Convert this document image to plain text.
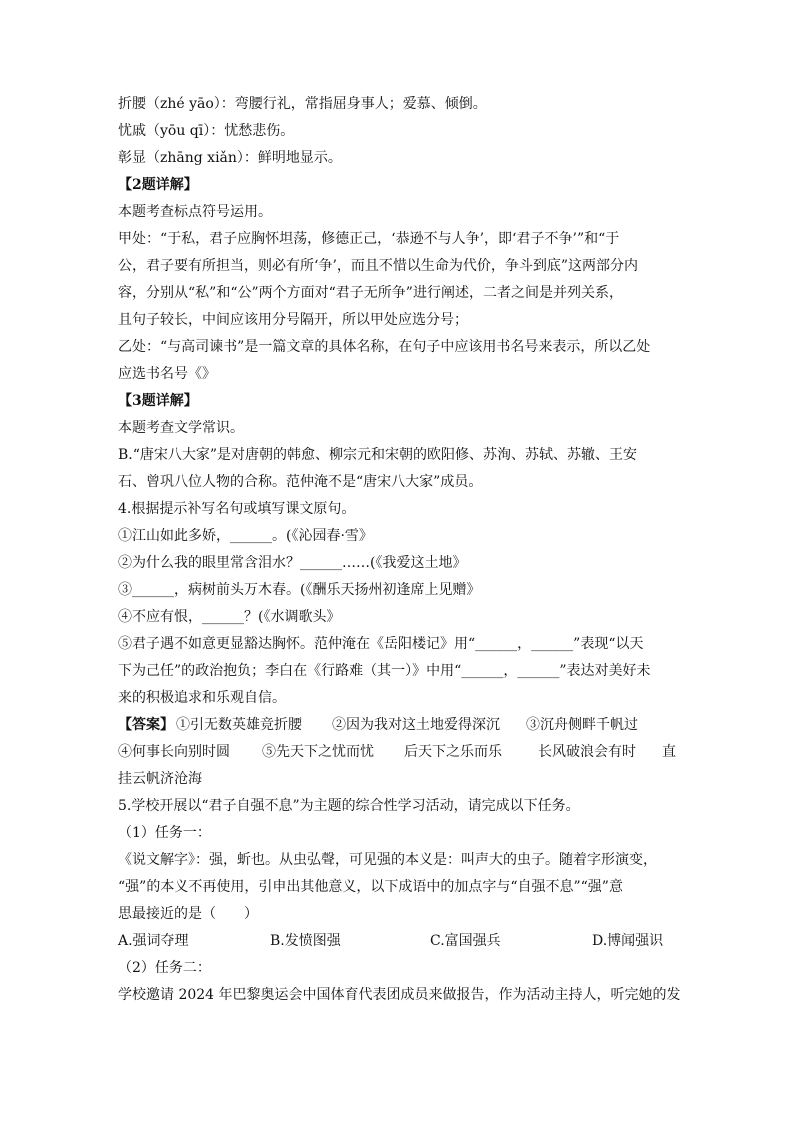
折腰（zhé yāo）：弯腰行礼，常指屈身事人；爱慕、倾倒。
忧戚（yōu qī）：忧愁悲伤。
彰显（zhāng xiǎn）：鲜明地显示。
【2题详解】
本题考查标点符号运用。
甲处：“于私，君子应胸怀坦荡，修德正己，‘恭逊不与人争’，即‘君子不争’”和“于
公，君子要有所担当，则必有所‘争’，而且不惜以生命为代价，争斗到底”这两部分内
容，分别从“私”和“公”两个方面对“君子无所争”进行阐述，二者之间是并列关系，
且句子较长，中间应该用分号隔开，所以甲处应选分号；
乙处：“与高司谏书”是一篇文章的具体名称，在句子中应该用书名号来表示，所以乙处
应选书名号《》
【3题详解】
本题考查文学常识。
B.“唐宋八大家”是对唐朝的韩愈、柳宗元和宋朝的欧阳修、苏洵、苏轼、苏辙、王安
石、曾巩八位人物的合称。范仲淹不是“唐宋八大家”成员。
4.根据提示补写名句或填写课文原句。
①江山如此多娇，______。(《沁园春·雪》
②为什么我的眼里常含泪水？______……(《我爱这土地》
③______，病树前头万木春。(《酬乐天扬州初逢席上见赠》
④不应有恨，______？(《水调歌头》
⑤君子遇不如意更显豁达胸怀。范仲淹在《岳阳楼记》用“______，______”表现“以天
下为己任”的政治抱负；李白在《行路难（其一）》中用“______，______”表达对美好未
来的积极追求和乐观自信。
【答案】 ①引无数英雄竞折腰 ②因为我对这土地爱得深沉 ③沉舟侧畔千帆过
④何事长向别时圆 ⑤先天下之忧而忧 后天下之乐而乐	长风破浪会有时 直
挂云帆济沧海
5.学校开展以“君子自强不息”为主题的综合性学习活动，请完成以下任务。
（1）任务一：
《说文解字》：强，蚚也。从虫弘聲，可见强的本义是：叫声大的虫子。随着字形演变，
“强”的本义不再使用，引申出其他意义，以下成语中的加点字与“自强不息”“强”意
思最接近的是（　　）
A.强词夺理	B.发愤图强	C.富国强兵	D.博闻强识
（2）任务二：
学校邀请 2024 年巴黎奥运会中国体育代表团成员来做报告，作为活动主持人，听完她的发
